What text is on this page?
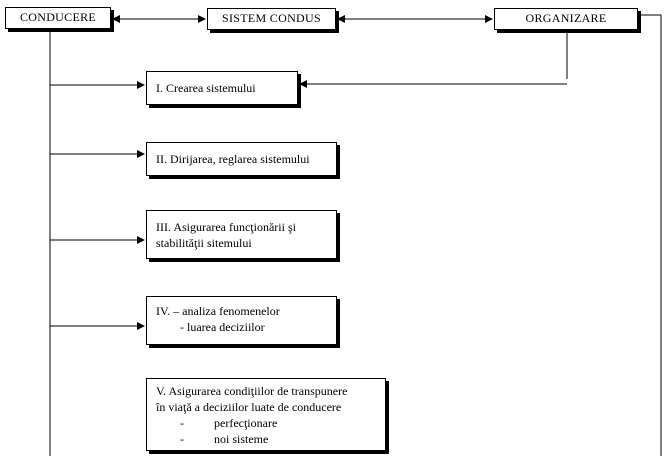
CONDUCERE	SISTEM CONDUS	ORGANIZARE
I. Crearea sistemului
II. Dirijarea, reglarea sistemului
III. Asigurarea funcţionării şi
stabilităţii sitemului
IV. – analiza fenomenelor
- luarea deciziilor
V. Asigurarea condiţiilor de transpunere
în viaţă a deciziilor luate de conducere
-	perfecţionare
-	noi sisteme
